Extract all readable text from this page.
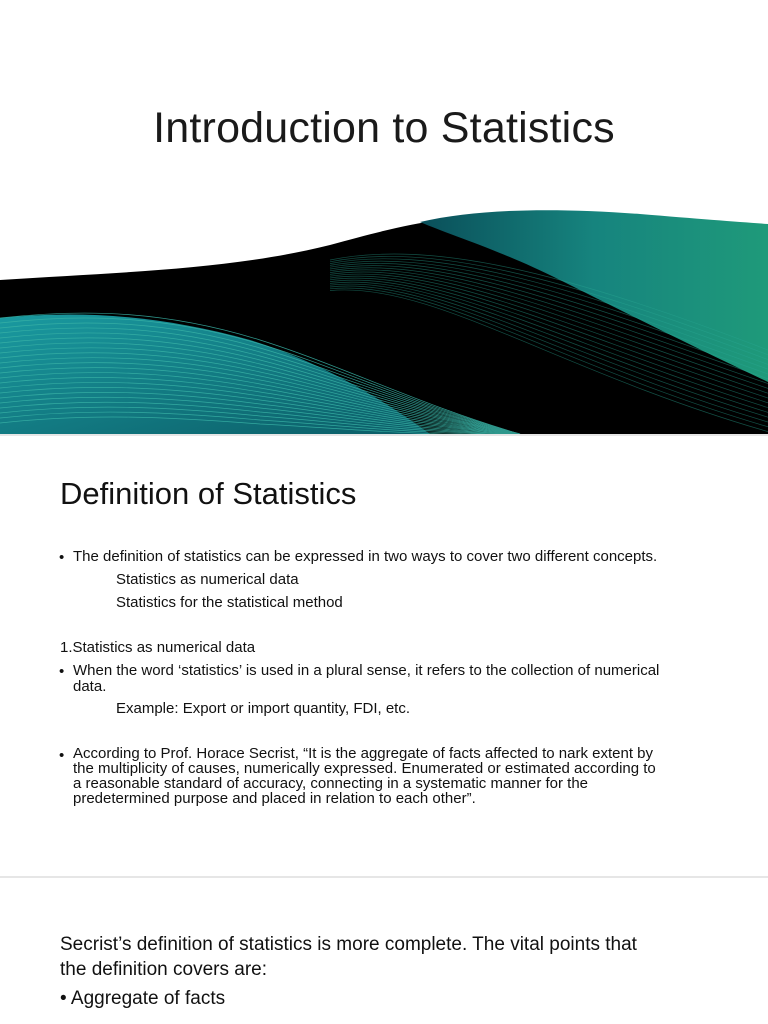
Introduction to Statistics
Definition of Statistics
• The definition of statistics can be expressed in two ways to cover two different concepts.
Statistics as numerical data
Statistics for the statistical method
1.Statistics as numerical data
• When the word ‘statistics’ is used in a plural sense, it refers to the collection of numerical
data.
Example: Export or import quantity, FDI, etc.
• According to Prof. Horace Secrist, “It is the aggregate of facts affected to nark extent by
the multiplicity of causes, numerically expressed. Enumerated or estimated according to
a reasonable standard of accuracy, connecting in a systematic manner for the
predetermined purpose and placed in relation to each other”.
Secrist’s definition of statistics is more complete. The vital points that
the definition covers are:
• Aggregate of facts
